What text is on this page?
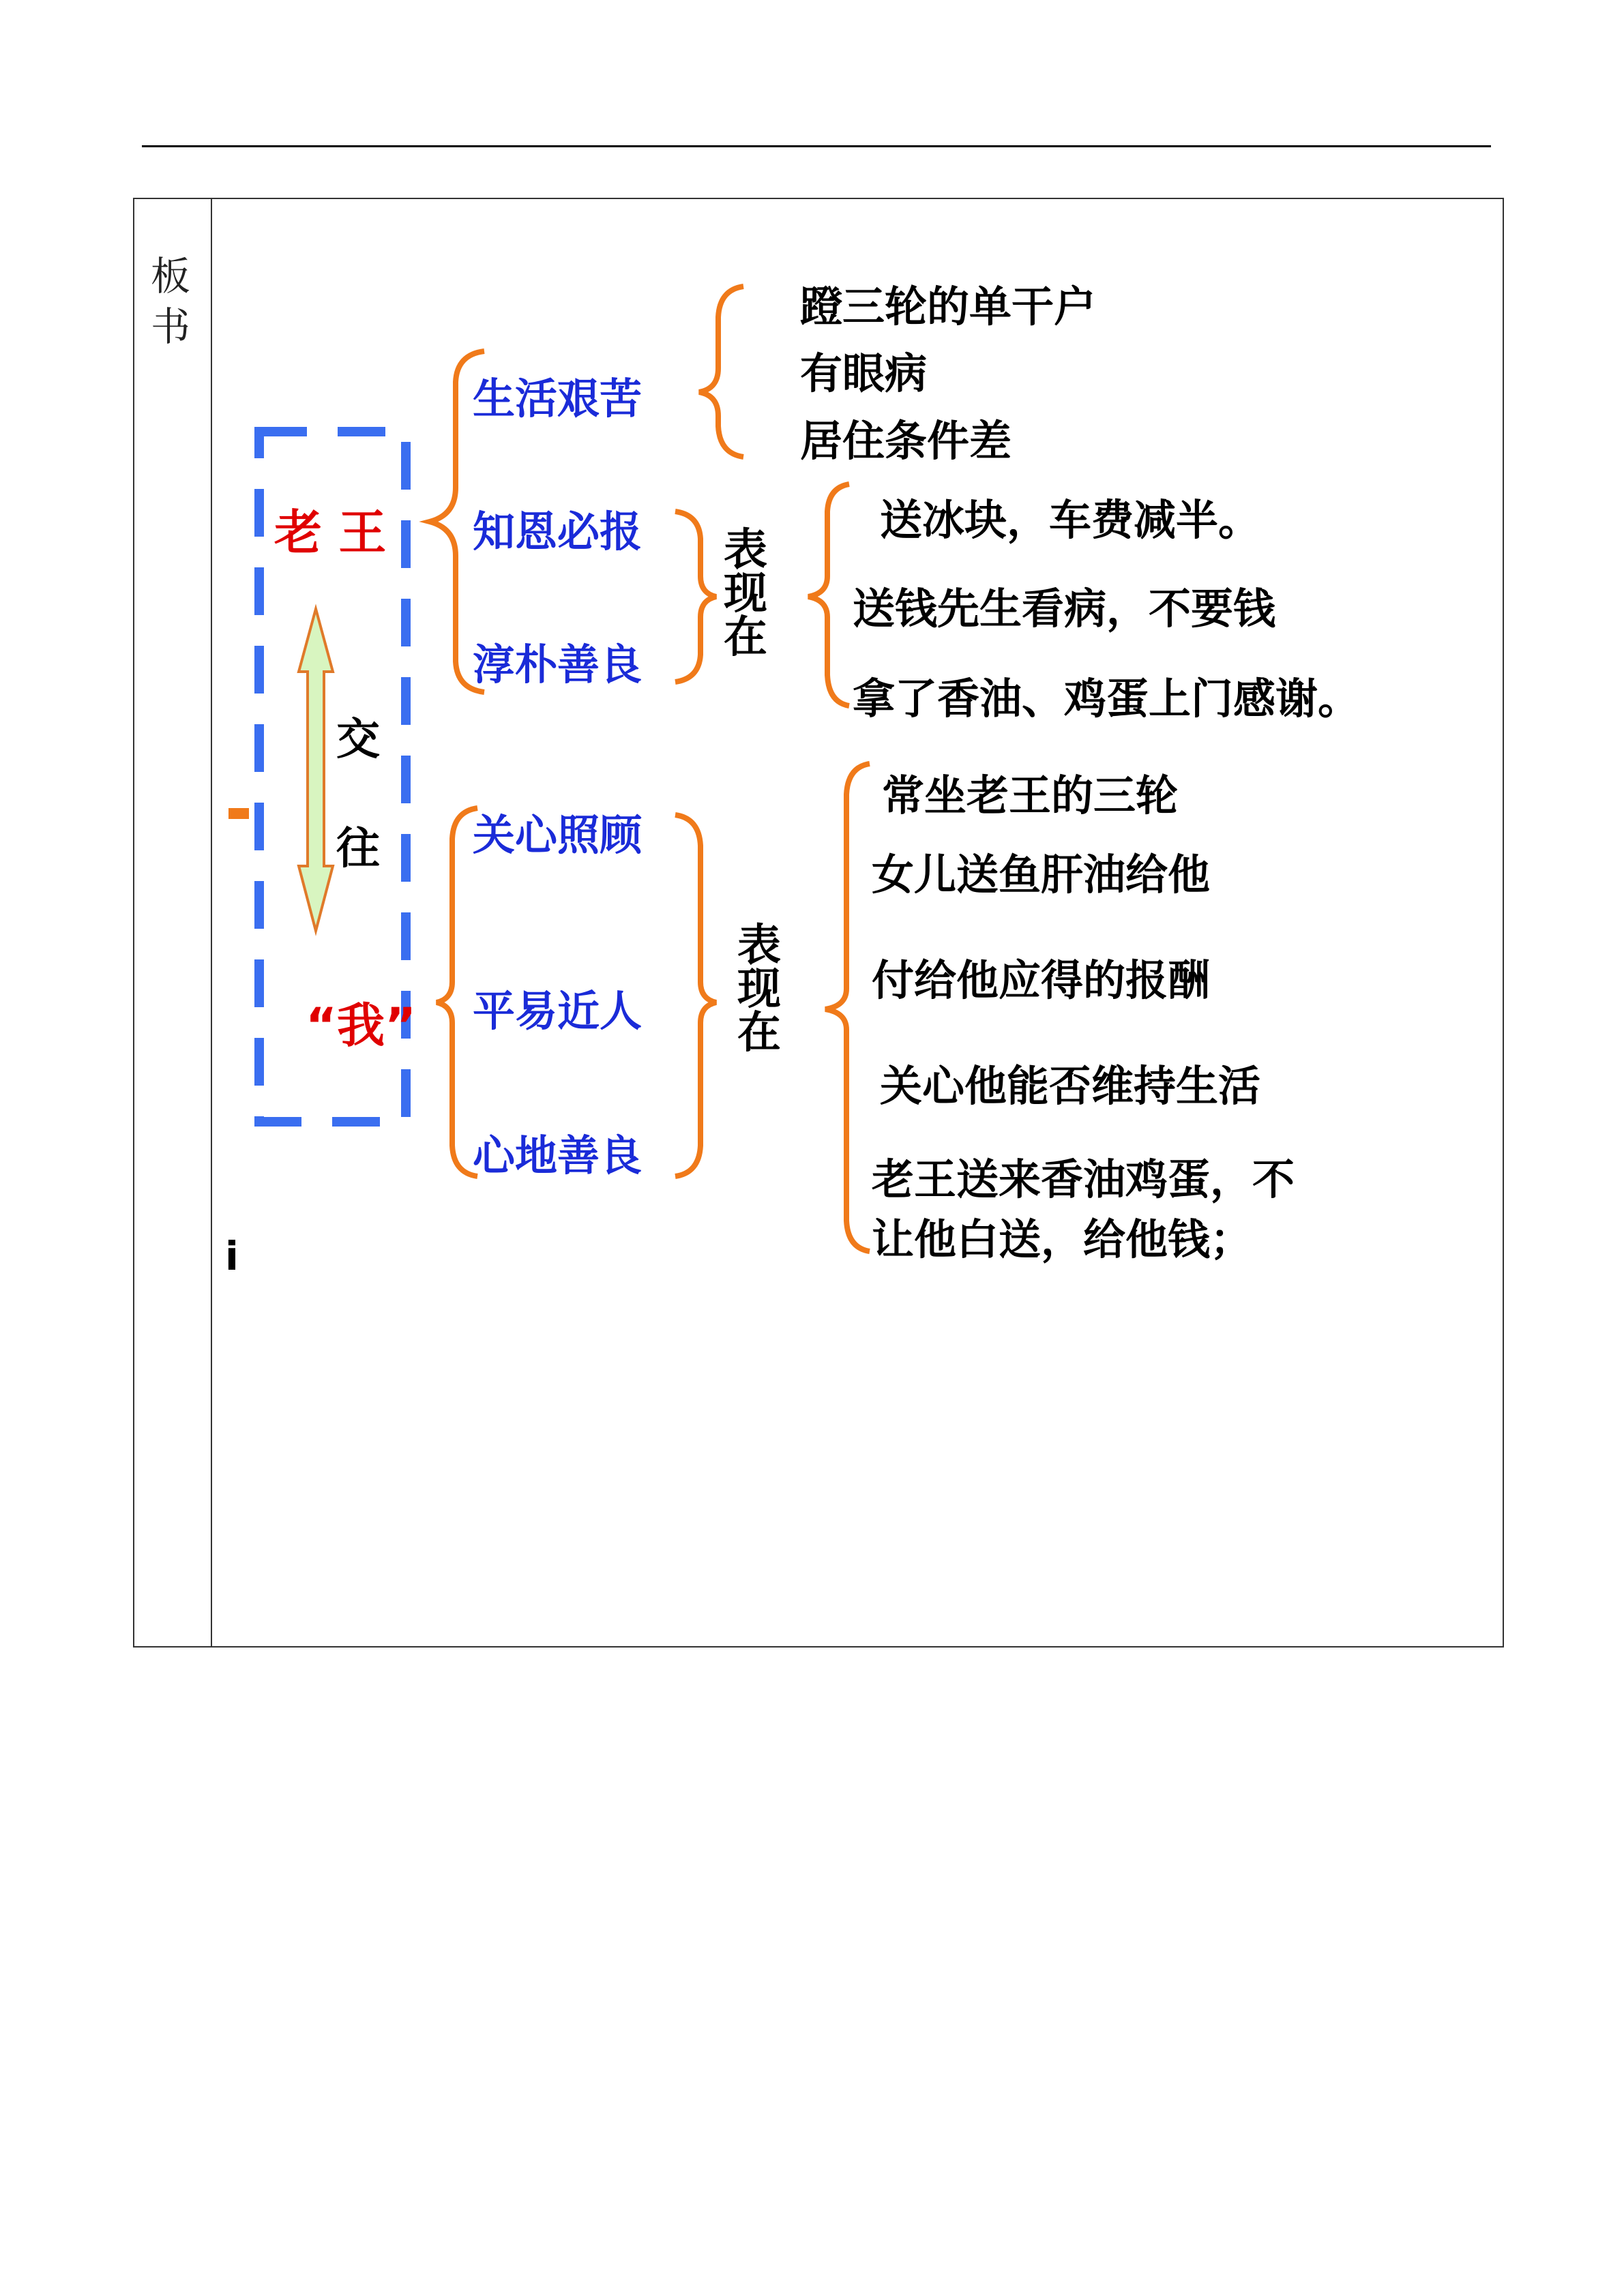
板书
老 王
“我”
交往
生活艰苦
知恩必报
淳朴善良
蹬三轮的单干户
有眼病
居住条件差
表现在
送冰块，车费减半。
送钱先生看病，不要钱
拿了香油、鸡蛋上门感谢。
关心照顾
平易近人
心地善良
表现在
常坐老王的三轮
女儿送鱼肝油给他
付给他应得的报酬
关心他能否维持生活
老王送来香油鸡蛋，不
让他白送，给他钱；
i
